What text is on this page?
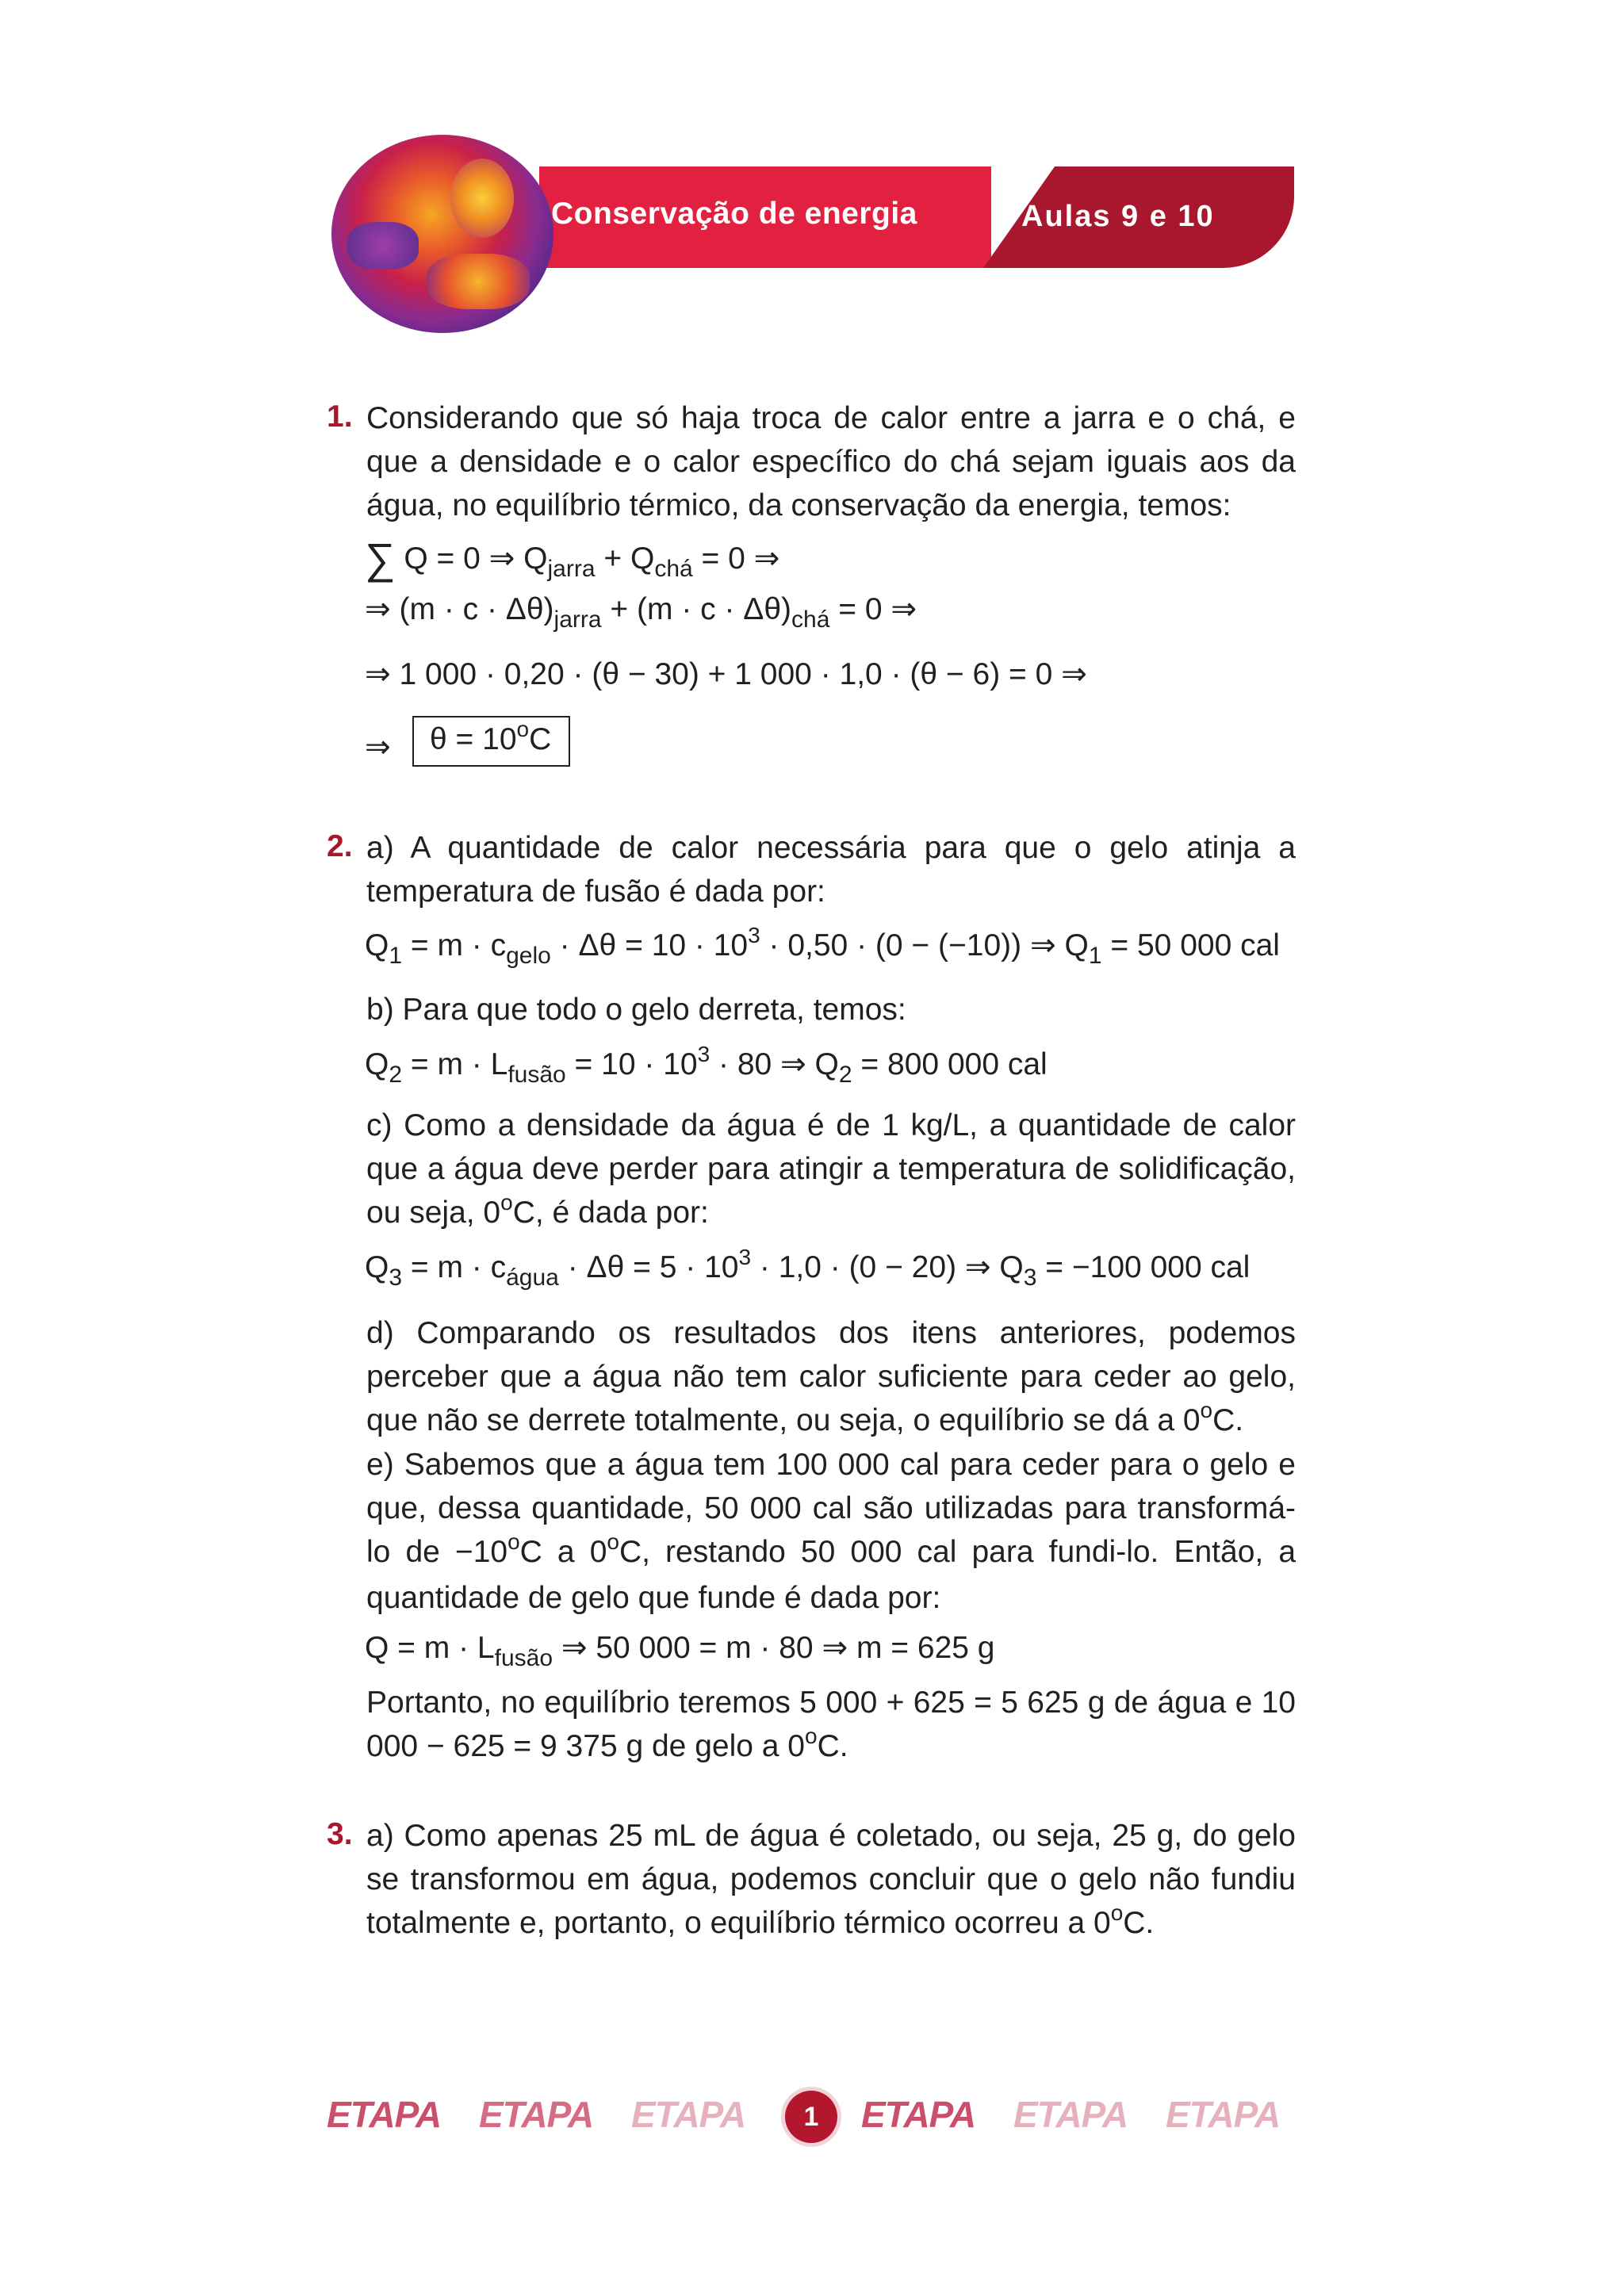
Conservação de energia	Aulas 9 e 10
1. Considerando que só haja troca de calor entre a jarra e o chá, e que a densidade e o calor específico do chá sejam iguais aos da água, no equilíbrio térmico, da conservação da energia, temos:
∑ Q = 0 ⇒ $Q_{jarra} + Q_{chá} = 0$ ⇒
⇒ $(m \cdot c \cdot \Delta\theta)_{jarra} + (m \cdot c \cdot \Delta\theta)_{chá} = 0$ ⇒
⇒ 1 000 · 0,20 · (θ − 30) + 1 000 · 1,0 · (θ − 6) = 0 ⇒
⇒	$\theta = 10^oC$
2. a) A quantidade de calor necessária para que o gelo atinja a temperatura de fusão é dada por:
$Q_1 = m \cdot c_{gelo} \cdot \Delta\theta = 10 \cdot 10^3 \cdot 0,50 \cdot (0 - (-10))$ ⇒ $Q_1 = 50$ 000 cal
b) Para que todo o gelo derreta, temos:
$Q_2 = m \cdot L_{fusão} = 10 \cdot 10^3 \cdot 80$ ⇒ $Q_2 = 800$ 000 cal
c) Como a densidade da água é de 1 kg/L, a quantidade de calor que a água deve perder para atingir a temperatura de solidificação, ou seja, 0$^o$C, é dada por:
$Q_3 = m \cdot c_{água} \cdot \Delta\theta = 5 \cdot 10^3 \cdot 1,0 \cdot (0 - 20)$ ⇒ $Q_3 = -100$ 000 cal
d) Comparando os resultados dos itens anteriores, podemos perceber que a água não tem calor suficiente para ceder ao gelo, que não se derrete totalmente, ou seja, o equilíbrio se dá a 0$^o$C.
e) Sabemos que a água tem 100 000 cal para ceder para o gelo e que, dessa quantidade, 50 000 cal são utilizadas para transformá-lo de $-10^oC$ a 0$^o$C, restando 50 000 cal para fundi-lo. Então, a quantidade de gelo que funde é dada por:
$Q = m \cdot L_{fusão}$ ⇒ 50 000 = m · 80 ⇒ m = 625 g
Portanto, no equilíbrio teremos 5 000 + 625 = 5 625 g de água e 10 000 − 625 = 9 375 g de gelo a 0$^o$C.
3. a) Como apenas 25 mL de água é coletado, ou seja, 25 g, do gelo se transformou em água, podemos concluir que o gelo não fundiu totalmente e, portanto, o equilíbrio térmico ocorreu a 0$^o$C.
ETAPA ETAPA ETAPA	1	ETAPA ETAPA ETAPA
